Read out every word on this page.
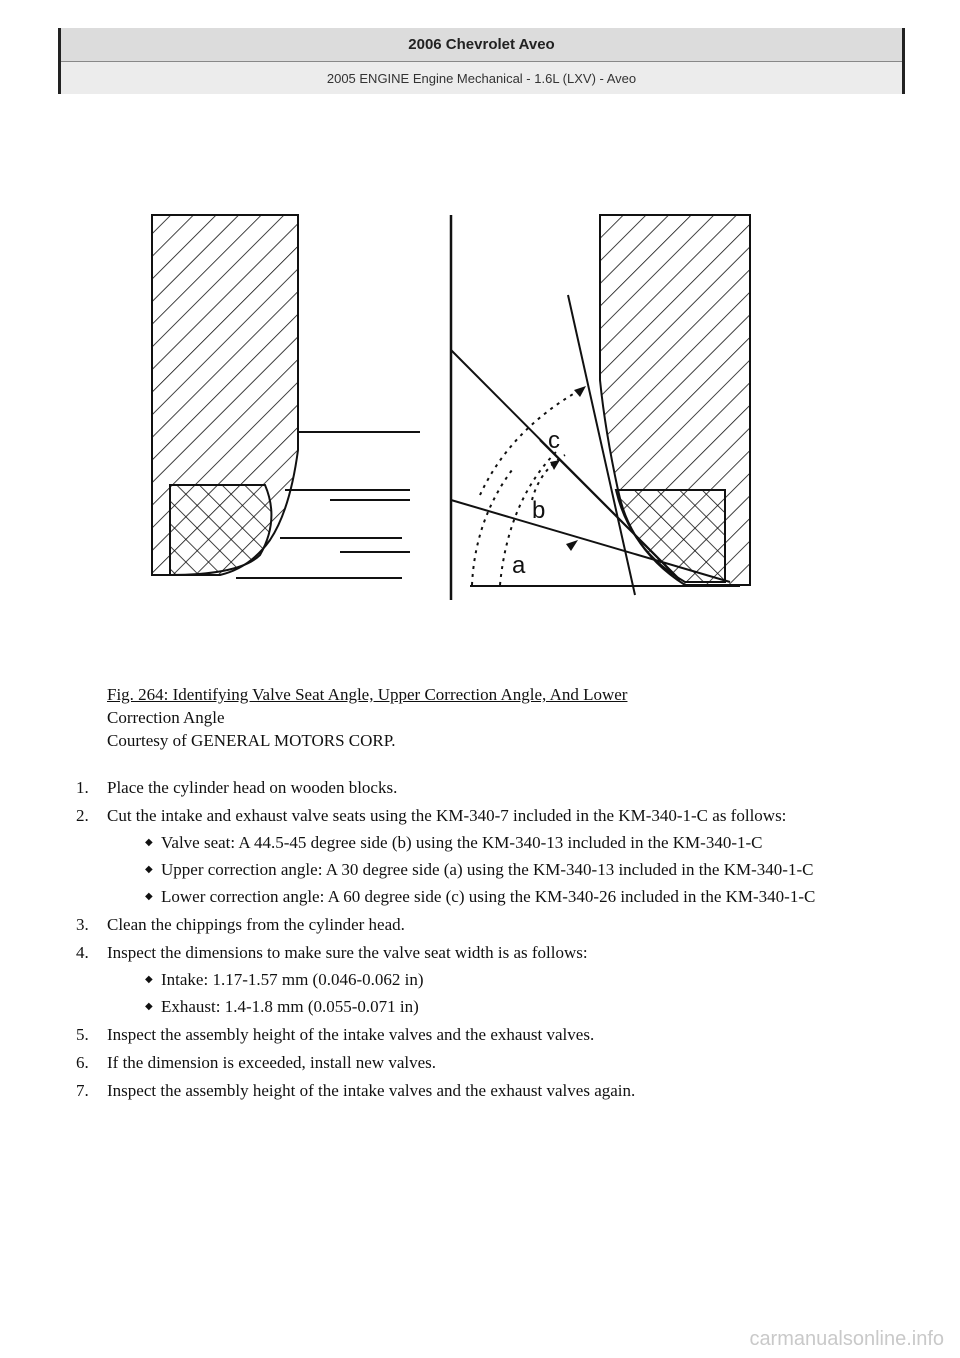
2006 Chevrolet Aveo
2005 ENGINE Engine Mechanical - 1.6L (LXV) - Aveo
c
b
a
Fig. 264: Identifying Valve Seat Angle, Upper Correction Angle, And Lower
Correction Angle
Courtesy of GENERAL MOTORS CORP.
1. Place the cylinder head on wooden blocks.
2. Cut the intake and exhaust valve seats using the KM-340-7 included in the KM-340-1-C as follows:
◆ Valve seat: A 44.5-45 degree side (b) using the KM-340-13 included in the KM-340-1-C
◆ Upper correction angle: A 30 degree side (a) using the KM-340-13 included in the KM-340-1-C
◆ Lower correction angle: A 60 degree side (c) using the KM-340-26 included in the KM-340-1-C
3. Clean the chippings from the cylinder head.
4. Inspect the dimensions to make sure the valve seat width is as follows:
◆ Intake: 1.17-1.57 mm (0.046-0.062 in)
◆ Exhaust: 1.4-1.8 mm (0.055-0.071 in)
5. Inspect the assembly height of the intake valves and the exhaust valves.
6. If the dimension is exceeded, install new valves.
7. Inspect the assembly height of the intake valves and the exhaust valves again.
carmanualsonline.info
